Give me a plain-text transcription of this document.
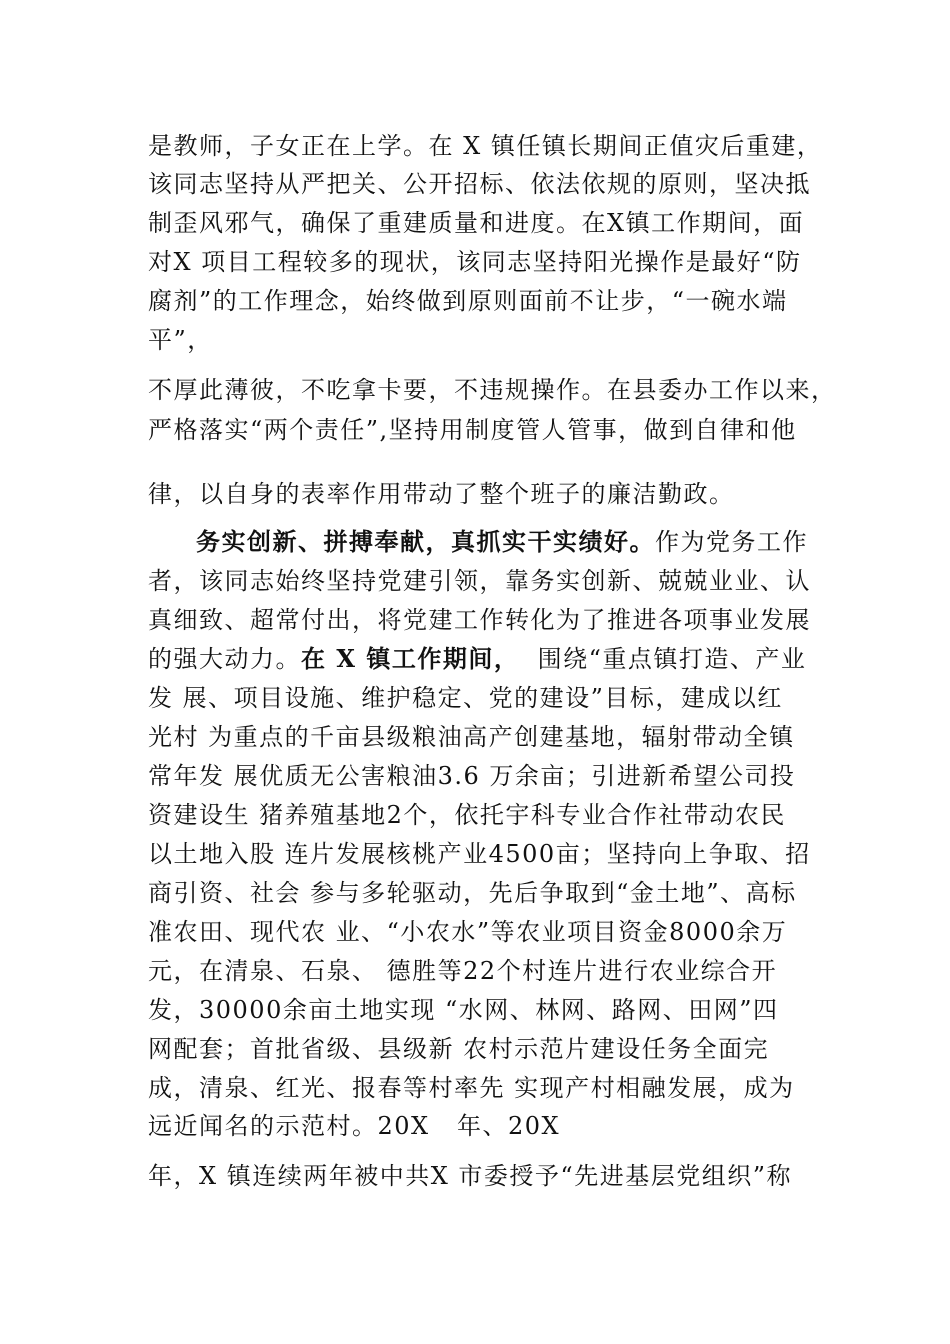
是教师，子女正在上学。在 X 镇任镇长期间正值灾后重建，
该同志坚持从严把关、公开招标、依法依规的原则，坚决抵
制歪风邪气，确保了重建质量和进度。在X镇工作期间，面
对X 项目工程较多的现状，该同志坚持阳光操作是最好“防
腐剂”的工作理念，始终做到原则面前不让步，“一碗水端
平”，
不厚此薄彼，不吃拿卡要，不违规操作。在县委办工作以来，
严格落实“两个责任”,坚持用制度管人管事，做到自律和他
律，以自身的表率作用带动了整个班子的廉洁勤政。
务实创新、拼搏奉献，真抓实干实绩好。作为党务工作
者，该同志始终坚持党建引领，靠务实创新、兢兢业业、认
真细致、超常付出，将党建工作转化为了推进各项事业发展
的强大动力。在 X 镇工作期间，  围绕“重点镇打造、产业
发 展、项目设施、维护稳定、党的建设”目标，建成以红
光村 为重点的千亩县级粮油高产创建基地，辐射带动全镇
常年发 展优质无公害粮油3.6 万余亩；引进新希望公司投
资建设生 猪养殖基地2个，依托宇科专业合作社带动农民
以土地入股 连片发展核桃产业4500亩；坚持向上争取、招
商引资、社会 参与多轮驱动，先后争取到“金土地”、高标
准农田、现代农 业、“小农水”等农业项目资金8000余万
元，在清泉、石泉、 德胜等22个村连片进行农业综合开
发，30000余亩土地实现 “水网、林网、路网、田网”四
网配套；首批省级、县级新 农村示范片建设任务全面完
成，清泉、红光、报春等村率先 实现产村相融发展，成为
远近闻名的示范村。20X   年、20X
年，X 镇连续两年被中共X 市委授予“先进基层党组织”称
